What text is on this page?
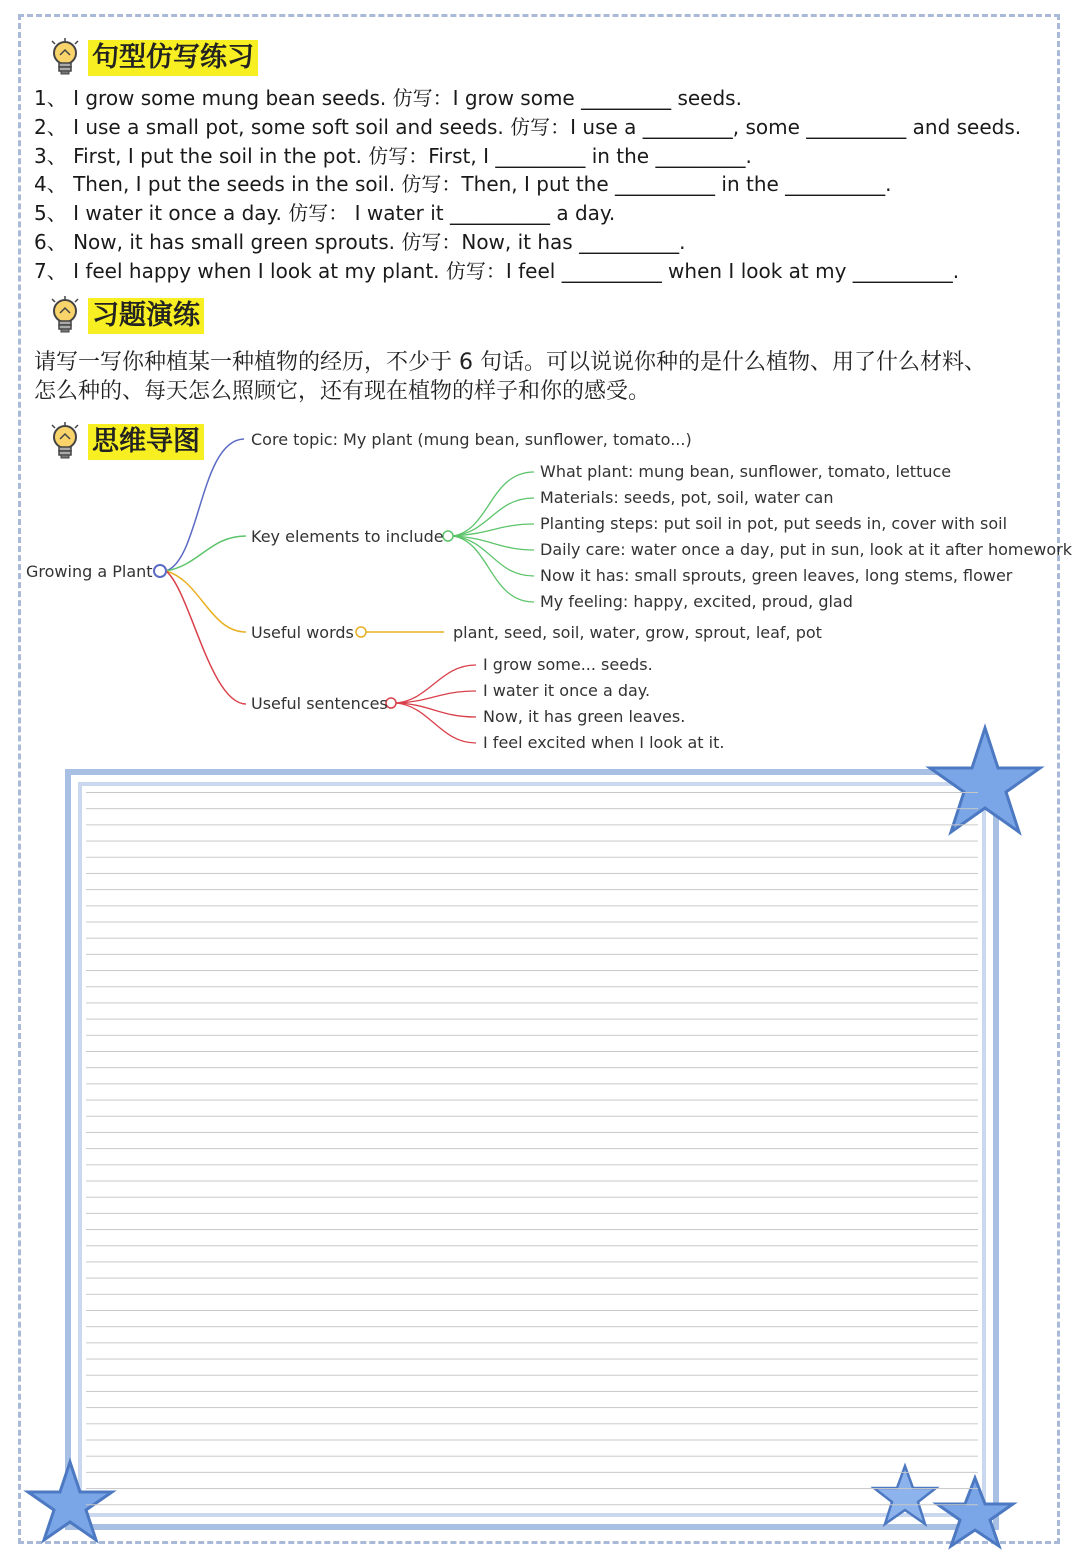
句型仿写练习
1、 I grow some mung bean seeds. 仿写：I grow some _________ seeds.
2、 I use a small pot, some soft soil and seeds. 仿写：I use a _________, some __________ and seeds.
3、 First, I put the soil in the pot. 仿写：First, I _________ in the _________.
4、 Then, I put the seeds in the soil. 仿写：Then, I put the __________ in the __________.
5、 I water it once a day. 仿写： I water it __________ a day.
6、 Now, it has small green sprouts. 仿写：Now, it has __________.
7、 I feel happy when I look at my plant. 仿写：I feel __________ when I look at my __________.
习题演练

请写一写你种植某一种植物的经历，不少于 6 句话。可以说说你种的是什么植物、用了什么材料、

怎么种的、每天怎么照顾它，还有现在植物的样子和你的感受。

思维导图
Growing a Plant
Core topic: My plant (mung bean, sunflower, tomato...)
Key elements to include
What plant: mung bean, sunflower, tomato, lettuce
Materials: seeds, pot, soil, water can
Planting steps: put soil in pot, put seeds in, cover with soil
Daily care: water once a day, put in sun, look at it after homework
Now it has: small sprouts, green leaves, long stems, flower
My feeling: happy, excited, proud, glad
Useful words	plant, seed, soil, water, grow, sprout, leaf, pot
Useful sentences
I grow some... seeds.
I water it once a day.
Now, it has green leaves.
I feel excited when I look at it.
